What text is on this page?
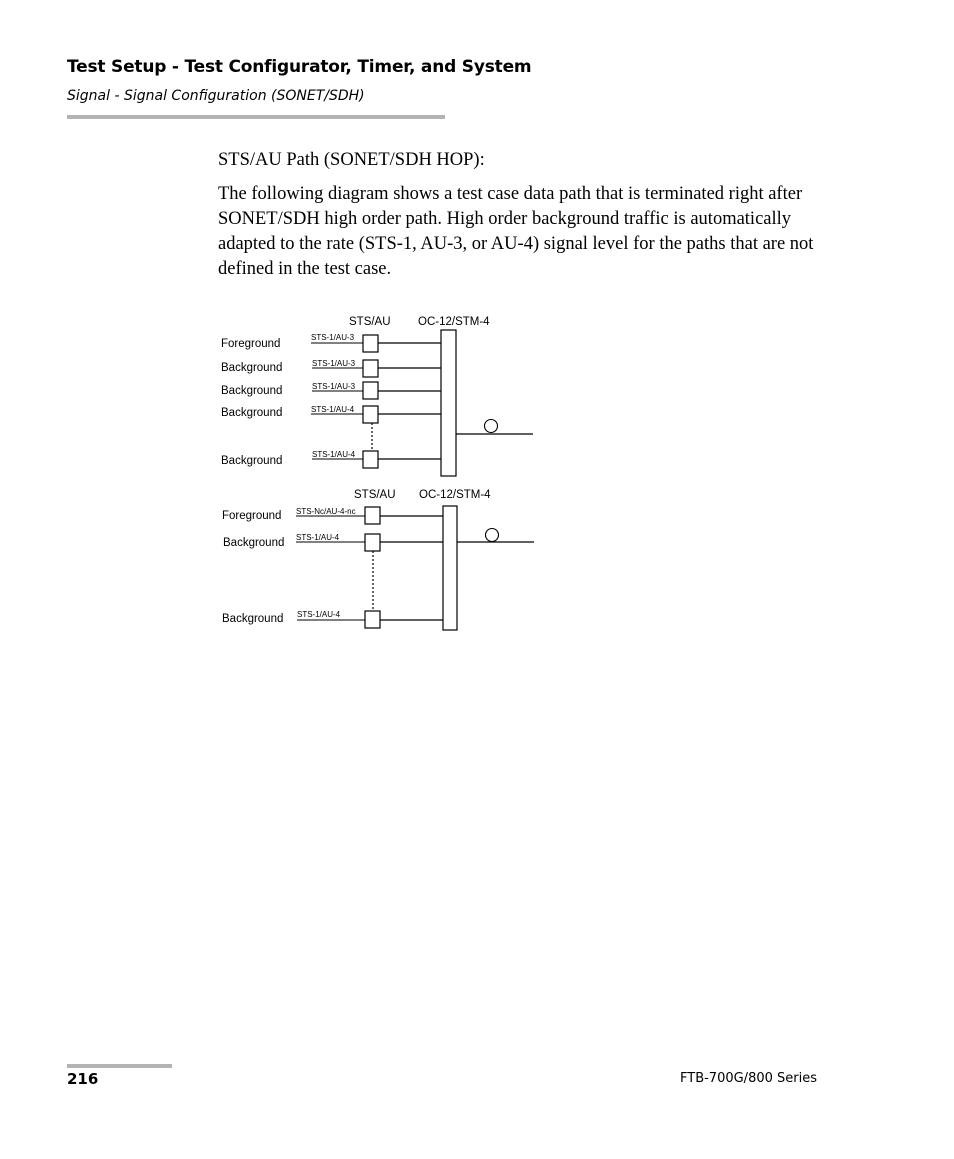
Test Setup - Test Configurator, Timer, and System
Signal - Signal Configuration (SONET/SDH)
STS/AU Path (SONET/SDH HOP):
The following diagram shows a test case data path that is terminated right after SONET/SDH high order path. High order background traffic is automatically adapted to the rate (STS-1, AU-3, or AU-4) signal level for the paths that are not defined in the test case.
STS/AU OC-12/STM-4
Foreground
STS-1/AU-3
Background	STS-1/AU-3
Background	STS-1/AU-3
Background	STS-1/AU-4
Background
STS-1/AU-4
STS/AU OC-12/STM-4
Foreground STS-Nc/AU-4-nc
Background STS-1/AU-4
Background STS-1/AU-4
216	FTB-700G/800 Series
